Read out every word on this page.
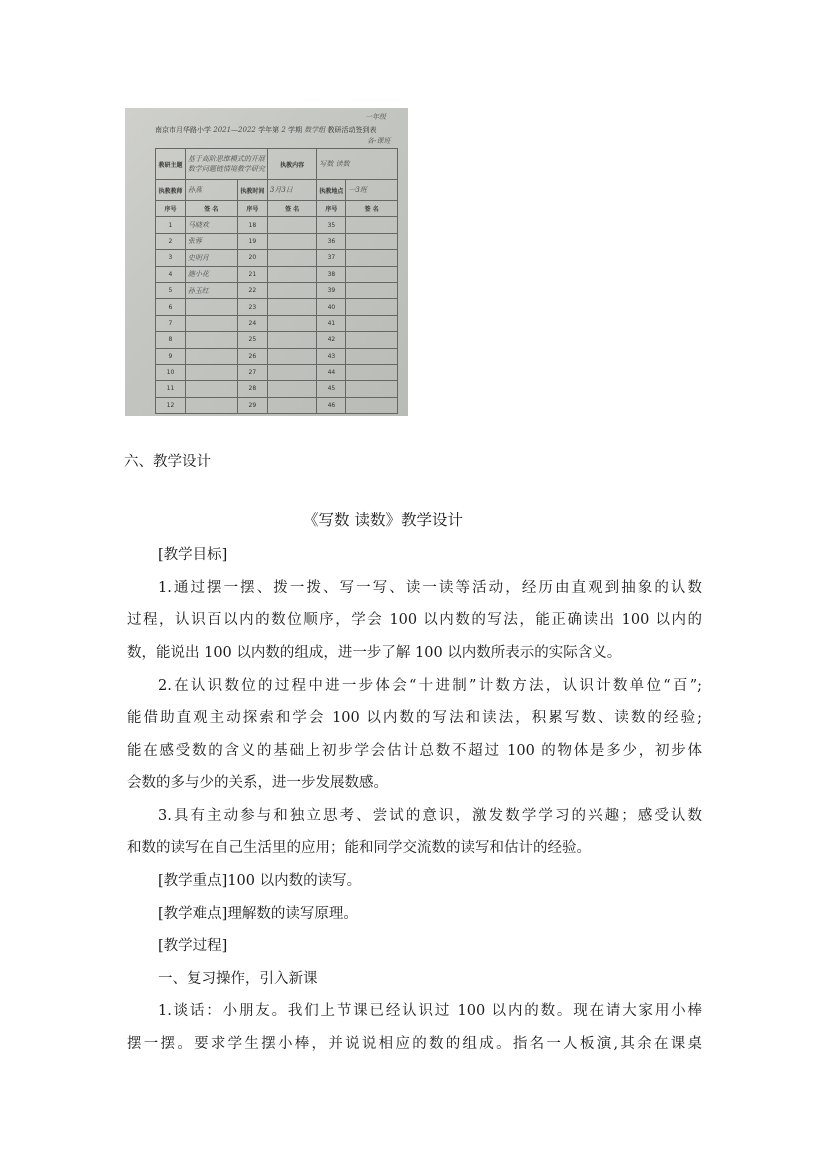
一年级
各-课班
南京市月华路小学 2021—2022 学年第 2 学期 数学组 教研活动签到表
教研主题	基于高阶思维模式的开展
数学问题链情境教学研究		执教内容	写数 读数	
执教教师	孙燕	执教时间	3月3日	执教地点	一3班
序号	签 名	序号	签 名	序号	签 名
1	马晓欢	18		35	
2	张蓉	19		36	
3	史明月	20		37	
4	施小花	21		38	
5	孙玉红	22		39	
6		23		40	
7		24		41	
8		25		42	
9		26		43	
10		27		44	
11		28		45	
12		29		46	
六、教学设计
《写数 读数》教学设计
[教学目标]
1.通过摆一摆、拨一拨、写一写、读一读等活动，经历由直观到抽象的认数
过程，认识百以内的数位顺序，学会 100 以内数的写法，能正确读出 100 以内的
数，能说出 100 以内数的组成，进一步了解 100 以内数所表示的实际含义。
2.在认识数位的过程中进一步体会“十进制”计数方法，认识计数单位“百”;
能借助直观主动探索和学会 100 以内数的写法和读法，积累写数、读数的经验;
能在感受数的含义的基础上初步学会估计总数不超过 100 的物体是多少，初步体
会数的多与少的关系，进一步发展数感。
3.具有主动参与和独立思考、尝试的意识，激发数学学习的兴趣；感受认数
和数的读写在自己生活里的应用；能和同学交流数的读写和估计的经验。
[教学重点]100 以内数的读写。
[教学难点]理解数的读写原理。
[教学过程]
一、复习操作，引入新课
1.谈话：小朋友。我们上节课已经认识过 100 以内的数。现在请大家用小棒
摆一摆。要求学生摆小棒，并说说相应的数的组成。指名一人板演,其余在课桌
